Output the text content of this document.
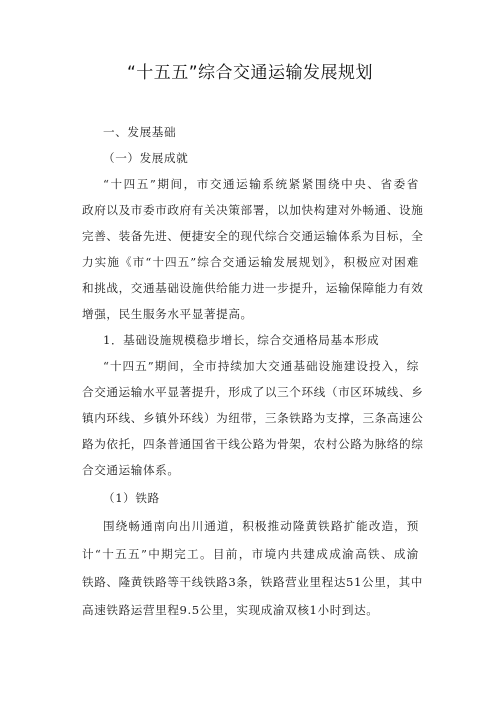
“十五五”综合交通运输发展规划
一、发展基础
（一）发展成就
“十四五”期间，市交通运输系统紧紧围绕中央、省委省
政府以及市委市政府有关决策部署，以加快构建对外畅通、设施
完善、装备先进、便捷安全的现代综合交通运输体系为目标，全
力实施《市“十四五”综合交通运输发展规划》，积极应对困难
和挑战，交通基础设施供给能力进一步提升，运输保障能力有效
增强，民生服务水平显著提高。
1．基础设施规模稳步增长，综合交通格局基本形成
“十四五”期间，全市持续加大交通基础设施建设投入，综
合交通运输水平显著提升，形成了以三个环线（市区环城线、乡
镇内环线、乡镇外环线）为纽带，三条铁路为支撑，三条高速公
路为依托，四条普通国省干线公路为骨架，农村公路为脉络的综
合交通运输体系。
（1）铁路
围绕畅通南向出川通道，积极推动隆黄铁路扩能改造，预
计“十五五”中期完工。目前，市境内共建成成渝高铁、成渝
铁路、隆黄铁路等干线铁路3条，铁路营业里程达51公里，其中
高速铁路运营里程9.5公里，实现成渝双核1小时到达。
